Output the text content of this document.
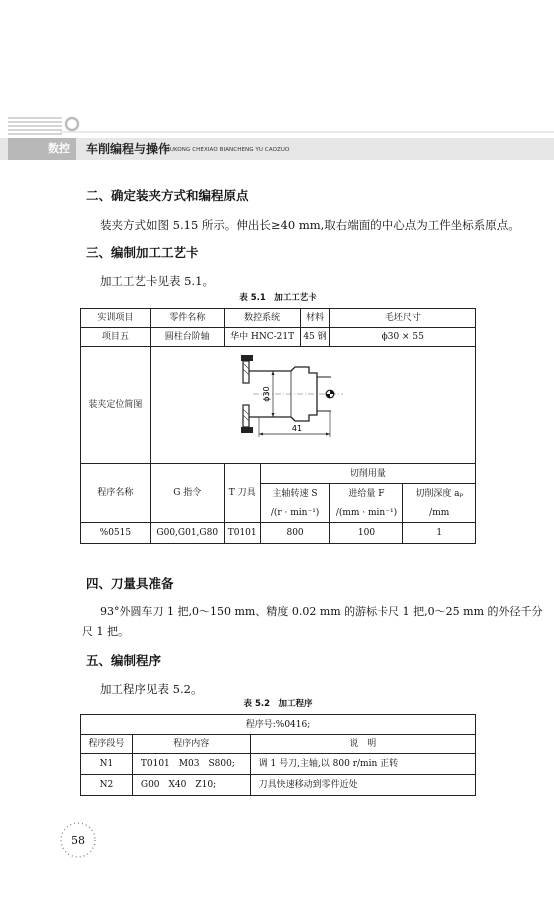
数控	车削编程与操作
SHUKONG CHEXIAO BIANCHENG YU CAOZUO
二、确定装夹方式和编程原点
装夹方式如图 5.15 所示。伸出长≥40 mm,取右端面的中心点为工件坐标系原点。
三、编制加工工艺卡
加工工艺卡见表 5.1。
表 5.1　加工工艺卡
实训项目	零件名称	数控系统	材料	毛坯尺寸
项目五	圆柱台阶轴	华中 HNC-21T	45 钢	ϕ30 × 55
装夹定位简图	
ϕ30
41

程序名称	G 指令	T 刀具	切削用量
主轴转速 S		进给量 F	切削深度 aₚ

/(r · min⁻¹)	/(mm · min⁻¹)	/mm

%0515	G00,G01,G80	T0101	800		100	1
四、刀量具准备
93°外圆车刀 1 把,0～150 mm、精度 0.02 mm 的游标卡尺 1 把,0～25 mm 的外径千分
尺 1 把。
五、编制程序
加工程序见表 5.2。
表 5.2　加工程序
程序号:%0416;		
程序段号	程序内容	说　明
N1	T0101　M03　S800;	调 1 号刀,主轴,以 800 r/min 正转
N2	G00　X40　Z10;	刀具快速移动到零件近处
58
